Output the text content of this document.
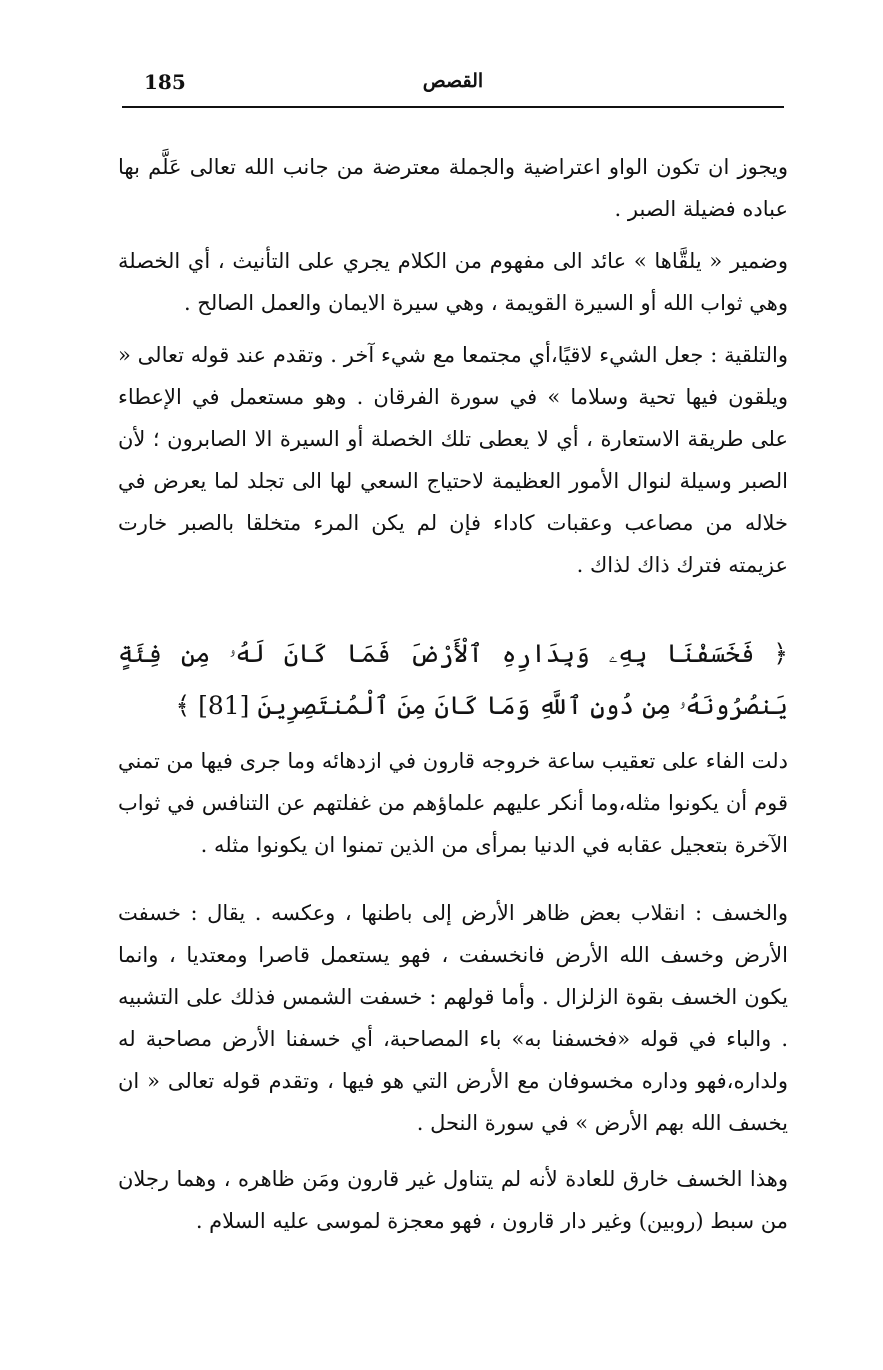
185	القصص

ويجوز ان تكون الواو اعتراضية والجملة معترضة من جانب الله تعالى عَلَّم بها عباده فضيلة الصبر .

وضمير « يلقَّاها » عائد الى مفهوم من الكلام يجري على التأنيث ، أي الخصلة وهي ثواب الله أو السيرة القويمة ، وهي سيرة الايمان والعمل الصالح .

والتلقية : جعل الشيء لاقيًا،أي مجتمعا مع شيء آخر . وتقدم عند قوله تعالى « ويلقون فيها تحية وسلاما » في سورة الفرقان . وهو مستعمل في الإعطاء على طريقة الاستعارة ، أي لا يعطى تلك الخصلة أو السيرة الا الصابرون ؛ لأن الصبر وسيلة لنوال الأمور العظيمة لاحتياج السعي لها الى تجلد لما يعرض في خلاله من مصاعب وعقبات كاداء فإن لم يكن المرء متخلقا بالصبر خارت عزيمته فترك ذاك لذاك .

﴿ فَخَسَفْنَا بِهِۦ وَبِدَارِهِ ٱلْأَرْضَ فَمَا كَانَ لَهُۥ مِن فِئَةٍ يَنصُرُونَهُۥ مِن دُونِ ٱللَّهِ وَمَا كَانَ مِنَ ٱلْمُنتَصِرِينَ [81] ﴾

دلت الفاء على تعقيب ساعة خروجه قارون في ازدهائه وما جرى فيها من تمني قوم أن يكونوا مثله،وما أنكر عليهم علماؤهم من غفلتهم عن التنافس في ثواب الآخرة بتعجيل عقابه في الدنيا بمرأى من الذين تمنوا ان يكونوا مثله .

والخسف : انقلاب بعض ظاهر الأرض إلى باطنها ، وعكسه . يقال : خسفت الأرض وخسف الله الأرض فانخسفت ، فهو يستعمل قاصرا ومعتديا ، وانما يكون الخسف بقوة الزلزال . وأما قولهم : خسفت الشمس فذلك على التشبيه . والباء في قوله «فخسفنا به» باء المصاحبة، أي خسفنا الأرض مصاحبة له ولداره،فهو وداره مخسوفان مع الأرض التي هو فيها ، وتقدم قوله تعالى « ان يخسف الله بهم الأرض » في سورة النحل .

وهذا الخسف خارق للعادة لأنه لم يتناول غير قارون ومَن ظاهره ، وهما رجلان من سبط (روبين) وغير دار قارون ، فهو معجزة لموسى عليه السلام .
